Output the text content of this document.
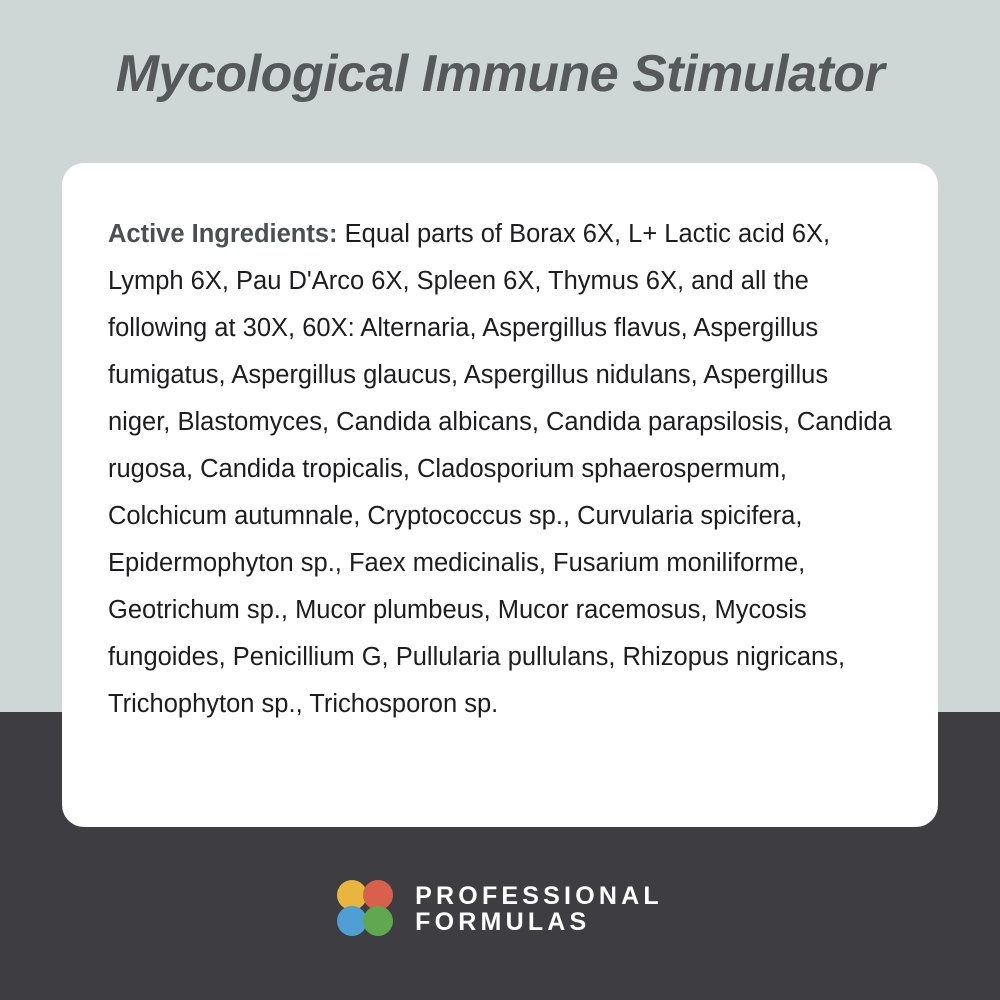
Mycological Immune Stimulator
Active Ingredients: Equal parts of Borax 6X, L+ Lactic acid 6X, Lymph 6X, Pau D'Arco 6X, Spleen 6X, Thymus 6X, and all the following at 30X, 60X: Alternaria, Aspergillus flavus, Aspergillus fumigatus, Aspergillus glaucus, Aspergillus nidulans, Aspergillus niger, Blastomyces, Candida albicans, Candida parapsilosis, Candida rugosa, Candida tropicalis, Cladosporium sphaerospermum, Colchicum autumnale, Cryptococcus sp., Curvularia spicifera, Epidermophyton sp., Faex medicinalis, Fusarium moniliforme, Geotrichum sp., Mucor plumbeus, Mucor racemosus, Mycosis fungoides, Penicillium G, Pullularia pullulans, Rhizopus nigricans, Trichophyton sp., Trichosporon sp.
PROFESSIONAL
FORMULAS
